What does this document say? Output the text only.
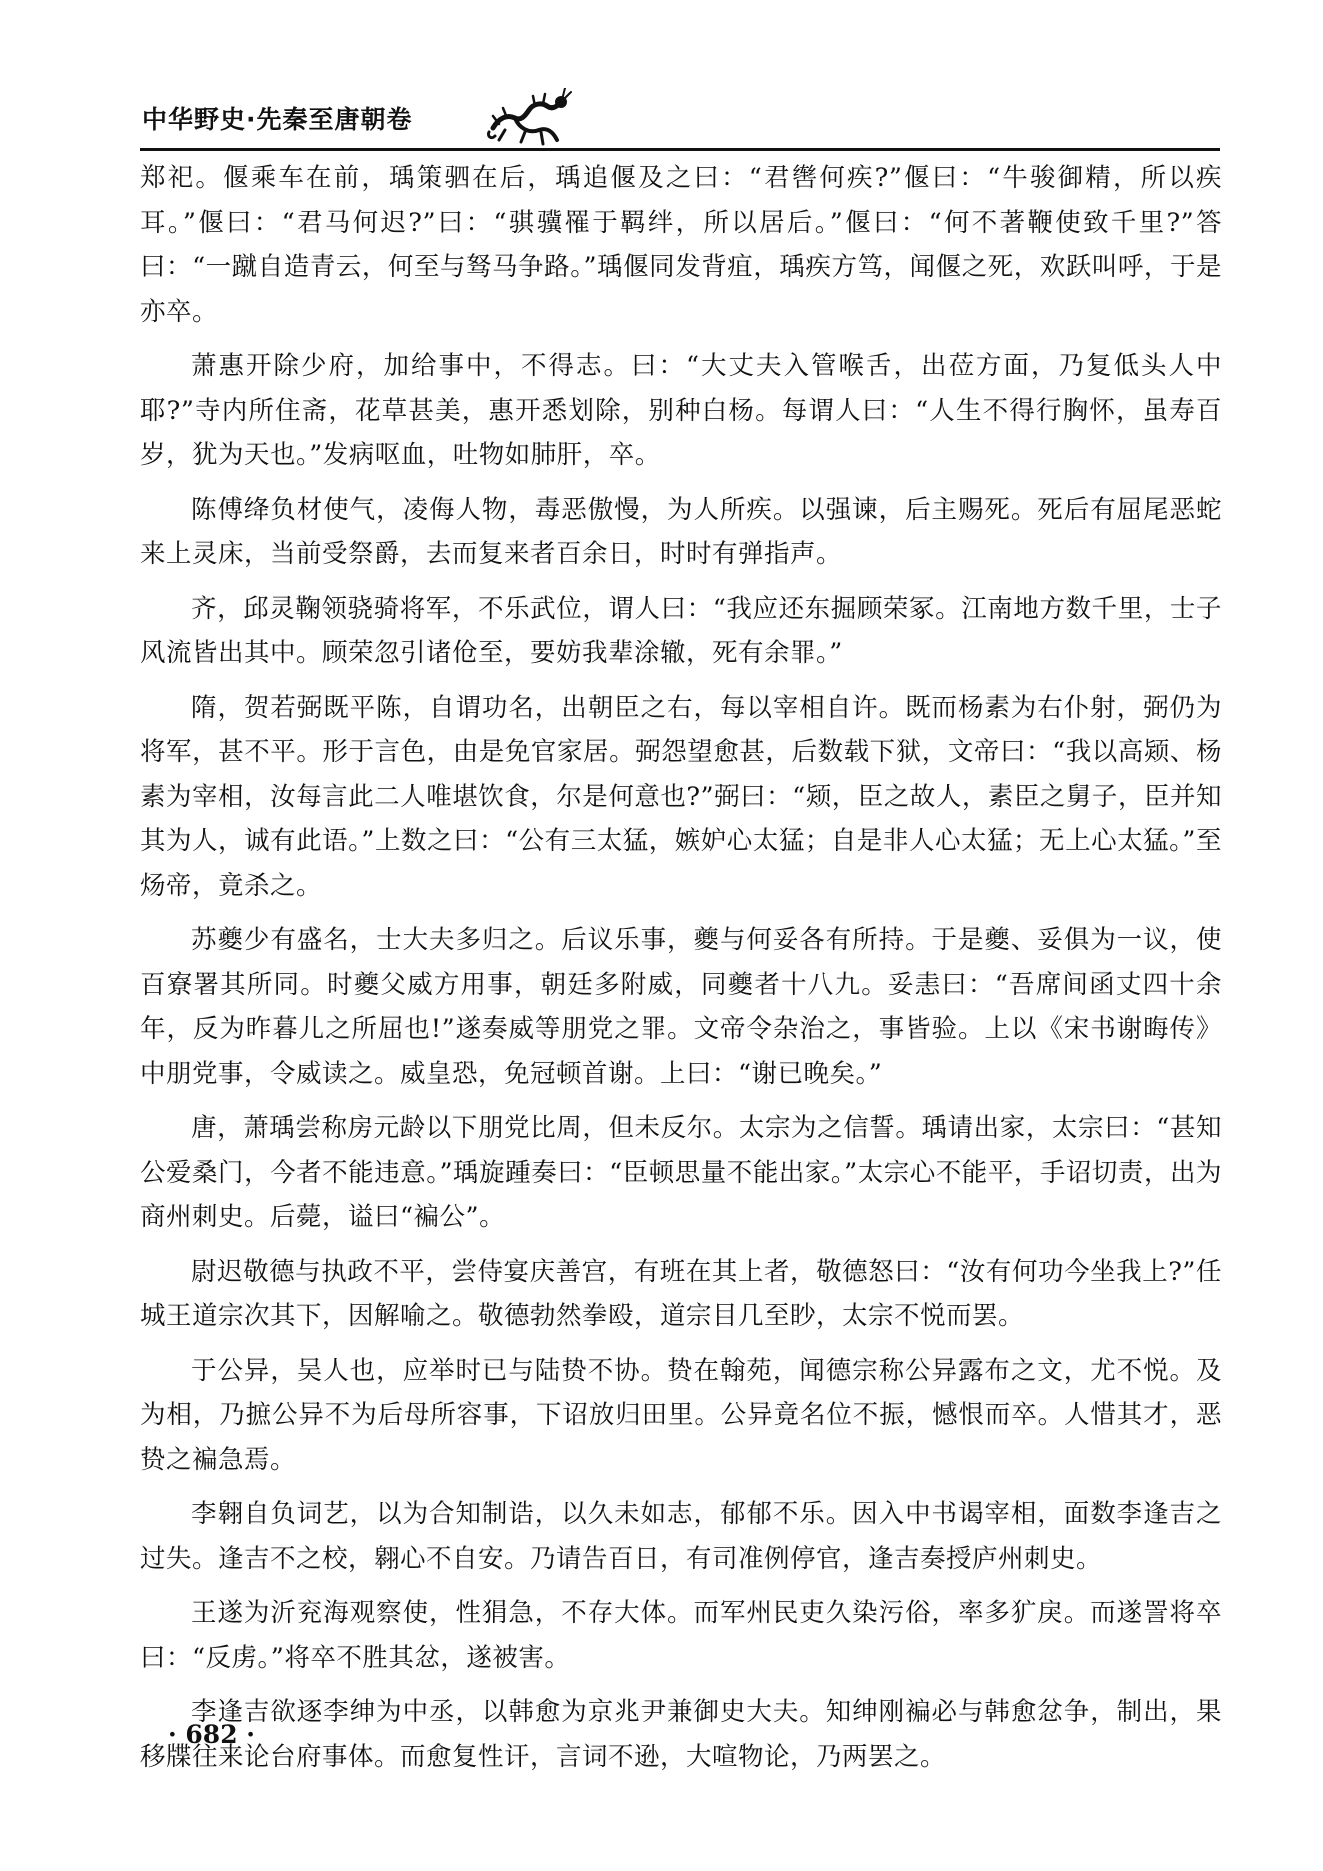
中华野史·先秦至唐朝卷

郑祀。偃乘车在前，瑀策驷在后，瑀追偃及之曰：“君辔何疾?”偃曰：“牛骏御精，所以疾耳。”偃曰：“君马何迟?”曰：“骐骥罹于羁绊，所以居后。”偃曰：“何不著鞭使致千里?”答曰：“一蹴自造青云，何至与驽马争路。”瑀偃同发背疽，瑀疾方笃，闻偃之死，欢跃叫呼，于是亦卒。

萧惠开除少府，加给事中，不得志。曰：“大丈夫入管喉舌，出莅方面，乃复低头人中耶?”寺内所住斋，花草甚美，惠开悉划除，别种白杨。每谓人曰：“人生不得行胸怀，虽寿百岁，犹为天也。”发病呕血，吐物如肺肝，卒。

陈傅绛负材使气，凌侮人物，毒恶傲慢，为人所疾。以强谏，后主赐死。死后有屈尾恶蛇来上灵床，当前受祭爵，去而复来者百余日，时时有弹指声。

齐，邱灵鞠领骁骑将军，不乐武位，谓人曰：“我应还东掘顾荣冢。江南地方数千里，士子风流皆出其中。顾荣忽引诸伧至，要妨我辈涂辙，死有余罪。”

隋，贺若弼既平陈，自谓功名，出朝臣之右，每以宰相自许。既而杨素为右仆射，弼仍为将军，甚不平。形于言色，由是免官家居。弼怨望愈甚，后数载下狱，文帝曰：“我以高颎、杨素为宰相，汝每言此二人唯堪饮食，尔是何意也?”弼曰：“颎，臣之故人，素臣之舅子，臣并知其为人，诚有此语。”上数之曰：“公有三太猛，嫉妒心太猛；自是非人心太猛；无上心太猛。”至炀帝，竟杀之。

苏夔少有盛名，士大夫多归之。后议乐事，夔与何妥各有所持。于是夔、妥俱为一议，使百寮署其所同。时夔父威方用事，朝廷多附威，同夔者十八九。妥恚曰：“吾席间函丈四十余年，反为昨暮儿之所屈也!”遂奏威等朋党之罪。文帝令杂治之，事皆验。上以《宋书谢晦传》中朋党事，令威读之。威皇恐，免冠顿首谢。上曰：“谢已晚矣。”

唐，萧瑀尝称房元龄以下朋党比周，但未反尔。太宗为之信誓。瑀请出家，太宗曰：“甚知公爱桑门，今者不能违意。”瑀旋踵奏曰：“臣顿思量不能出家。”太宗心不能平，手诏切责，出为商州刺史。后薨，谥曰“褊公”。

尉迟敬德与执政不平，尝侍宴庆善宫，有班在其上者，敬德怒曰：“汝有何功今坐我上?”任城王道宗次其下，因解喻之。敬德勃然拳殴，道宗目几至眇，太宗不悦而罢。

于公异，吴人也，应举时已与陆贽不协。贽在翰苑，闻德宗称公异露布之文，尤不悦。及为相，乃摭公异不为后母所容事，下诏放归田里。公异竟名位不振，憾恨而卒。人惜其才，恶贽之褊急焉。

李翱自负词艺，以为合知制诰，以久未如志，郁郁不乐。因入中书谒宰相，面数李逢吉之过失。逢吉不之校，翱心不自安。乃请告百日，有司准例停官，逢吉奏授庐州刺史。

王遂为沂兖海观察使，性狷急，不存大体。而军州民吏久染污俗，率多犷戾。而遂詈将卒曰：“反虏。”将卒不胜其忿，遂被害。

李逢吉欲逐李绅为中丞，以韩愈为京兆尹兼御史大夫。知绅刚褊必与韩愈忿争，制出，果移牒往来论台府事体。而愈复性讦，言词不逊，大喧物论，乃两罢之。

· 682 ·
